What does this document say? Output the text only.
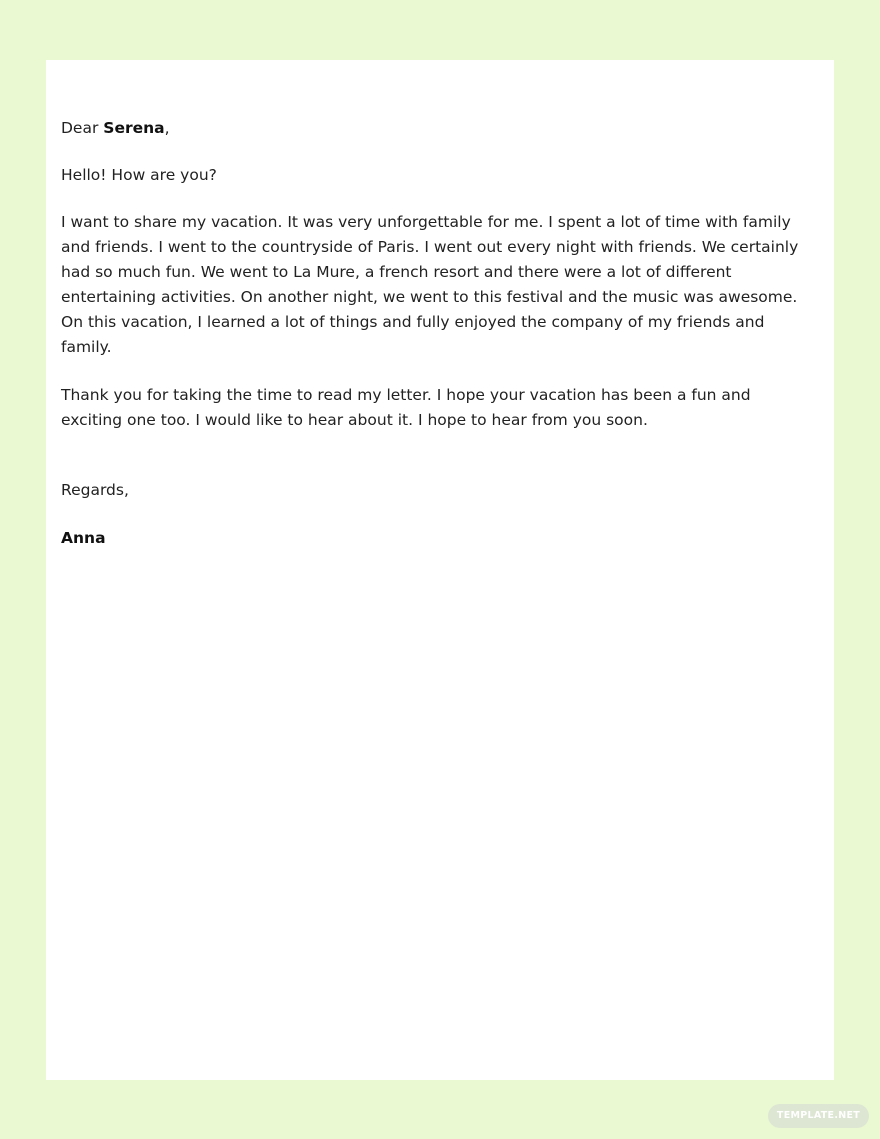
Dear Serena,

Hello! How are you?

I want to share my vacation. It was very unforgettable for me. I spent a lot of time with family and friends. I went to the countryside of Paris. I went out every night with friends. We certainly had so much fun. We went to La Mure, a french resort and there were a lot of different entertaining activities. On another night, we went to this festival and the music was awesome. On this vacation, I learned a lot of things and fully enjoyed the company of my friends and family.

Thank you for taking the time to read my letter. I hope your vacation has been a fun and exciting one too. I would like to hear about it. I hope to hear from you soon.

Regards,

Anna

TEMPLATE.NET
